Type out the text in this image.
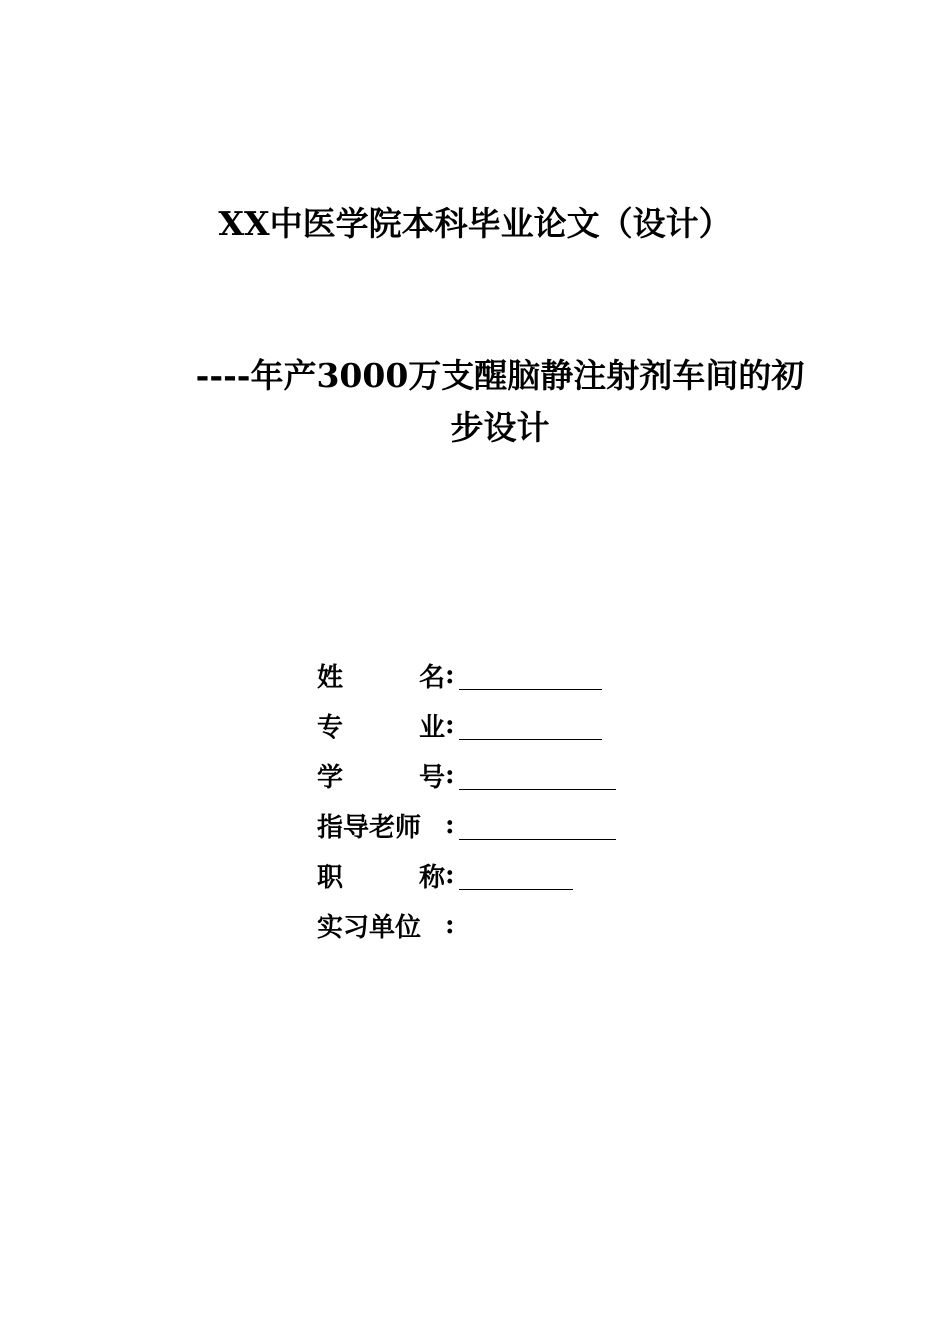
XX中医学院本科毕业论文（设计）
----年产3000万支醒脑静注射剂车间的初
步设计
姓	名 :
专	业 :
学	号 :
指导老师 :
职	称 :
实习单位 :
